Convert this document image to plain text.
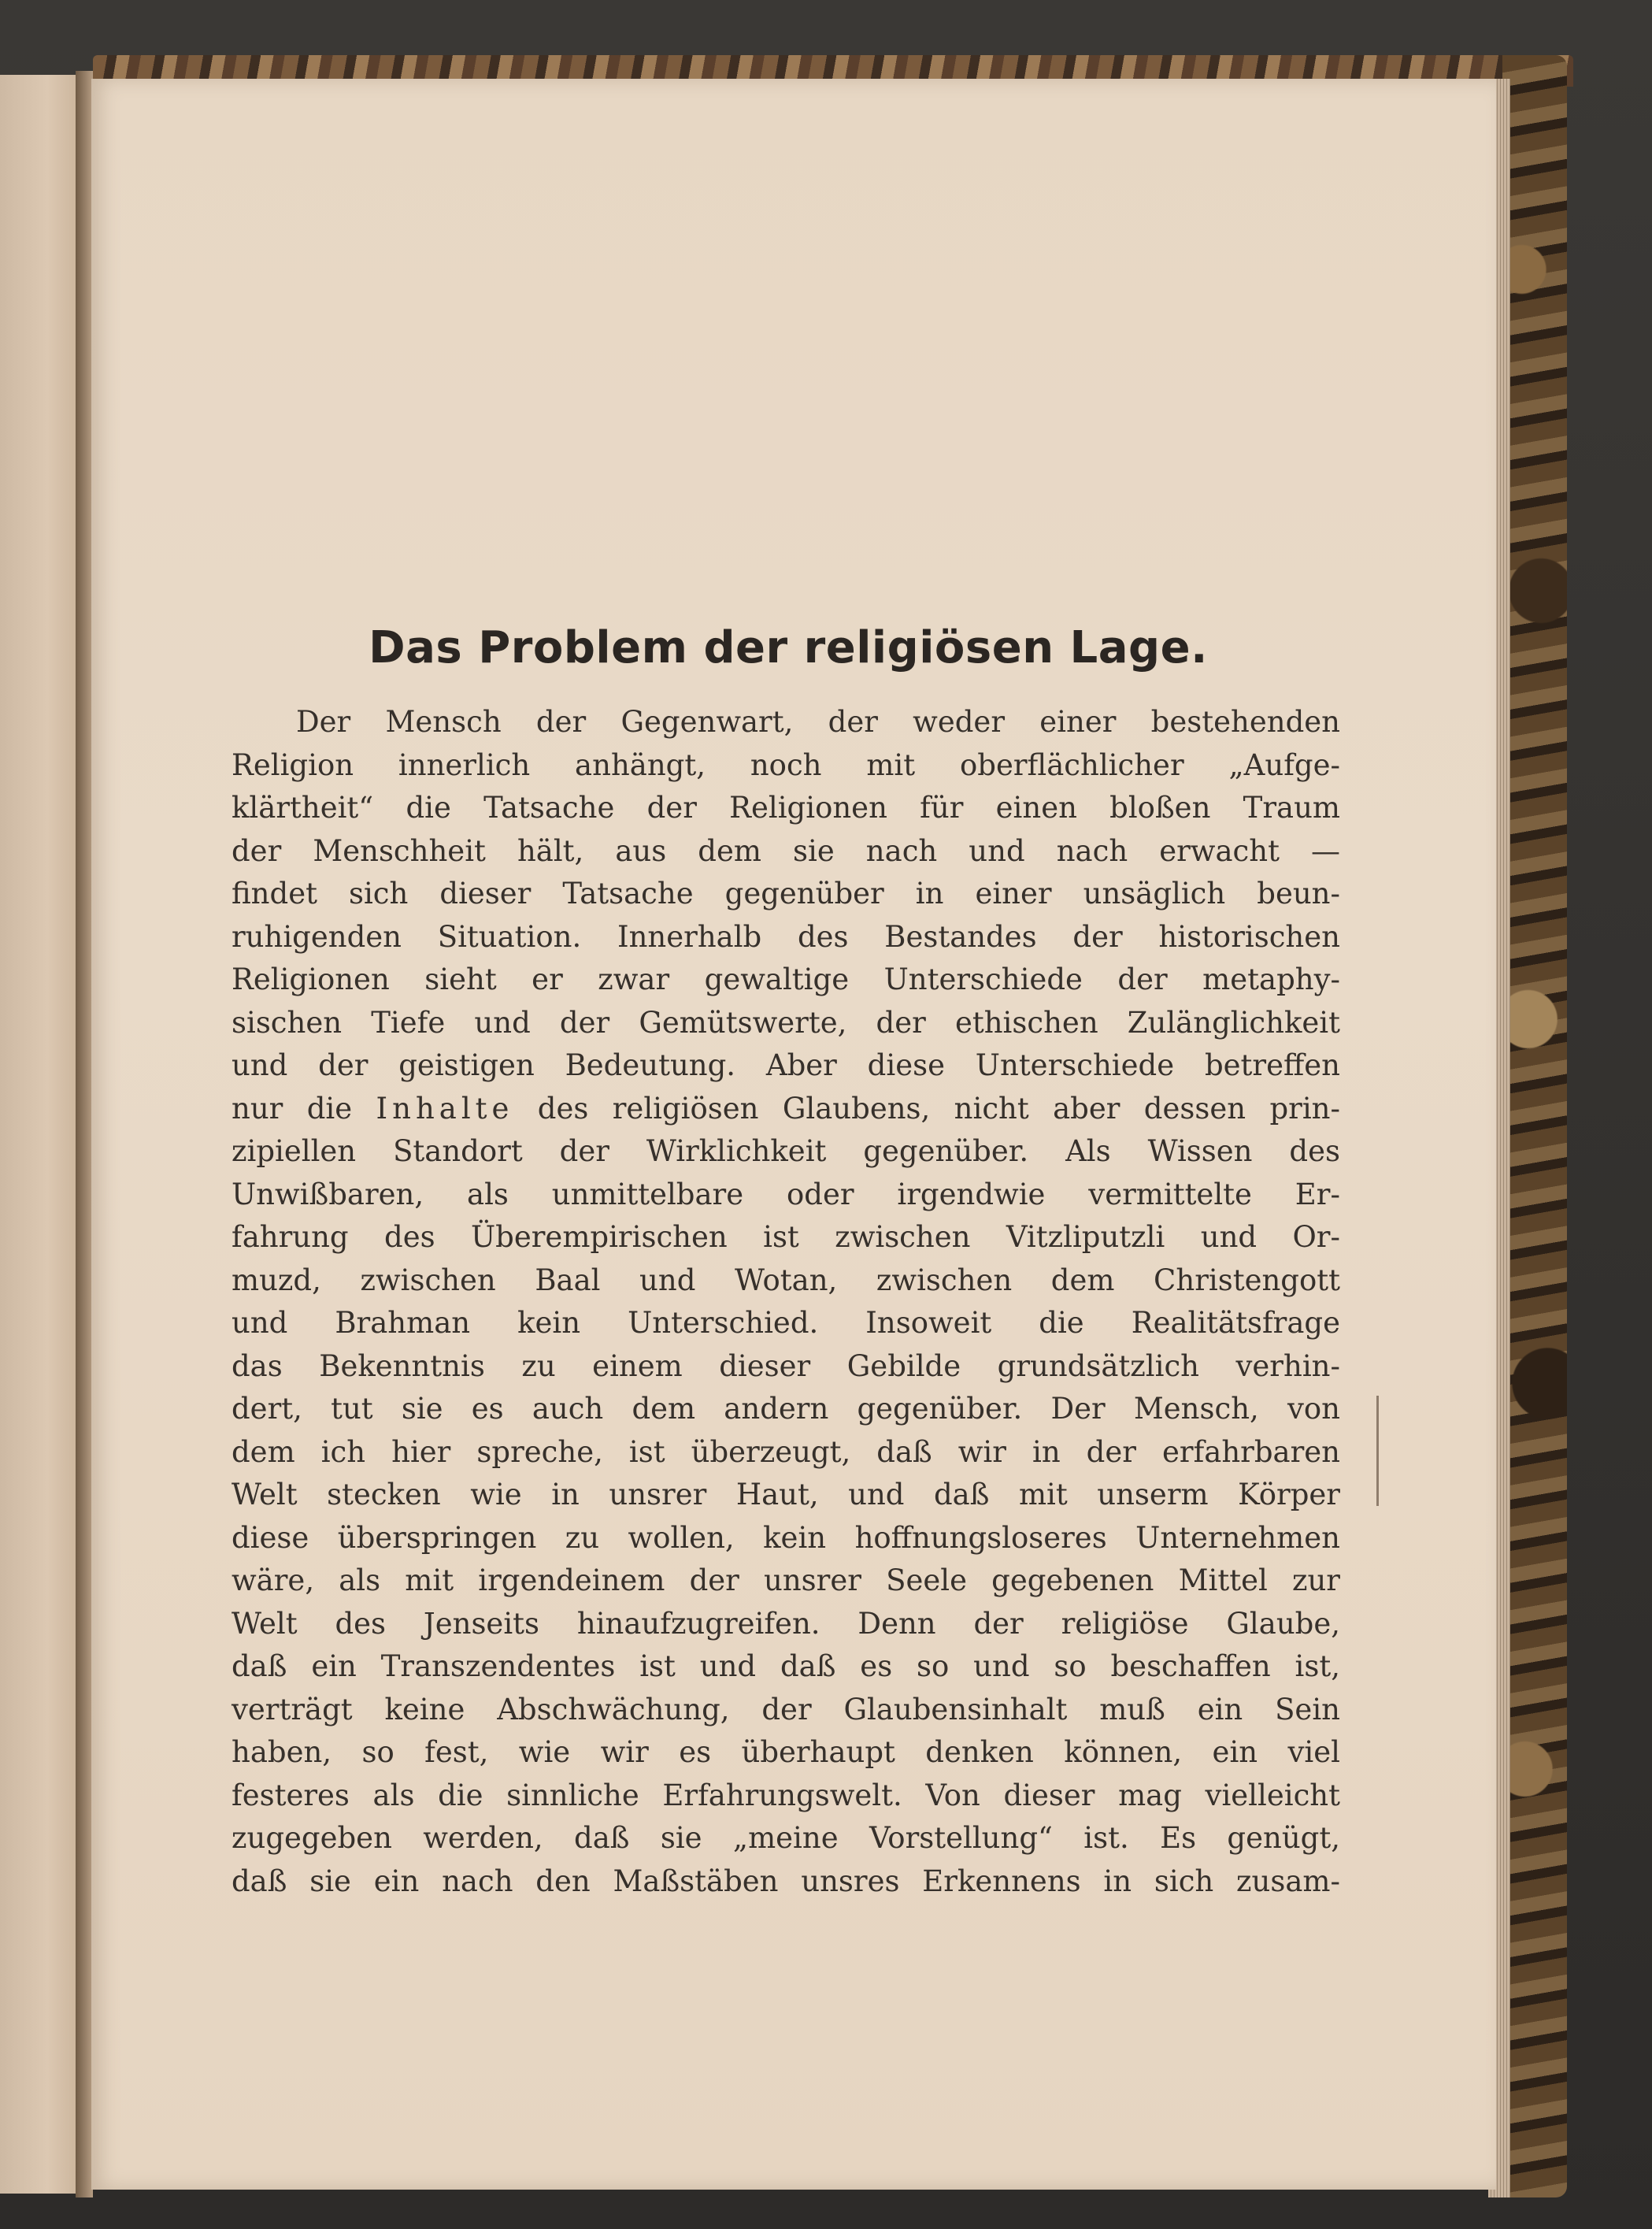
Das Problem der religiösen Lage.
Der Mensch der Gegenwart, der weder einer bestehenden
Religion innerlich anhängt, noch mit oberflächlicher „Aufge-
klärtheit“ die Tatsache der Religionen für einen bloßen Traum
der Menschheit hält, aus dem sie nach und nach erwacht —
findet sich dieser Tatsache gegenüber in einer unsäglich beun-
ruhigenden Situation. Innerhalb des Bestandes der historischen
Religionen sieht er zwar gewaltige Unterschiede der metaphy-
sischen Tiefe und der Gemütswerte, der ethischen Zulänglichkeit
und der geistigen Bedeutung. Aber diese Unterschiede betreffen
nur die Inhalte des religiösen Glaubens, nicht aber dessen prin-
zipiellen Standort der Wirklichkeit gegenüber. Als Wissen des
Unwißbaren, als unmittelbare oder irgendwie vermittelte Er-
fahrung des Überempirischen ist zwischen Vitzliputzli und Or-
muzd, zwischen Baal und Wotan, zwischen dem Christengott
und Brahman kein Unterschied. Insoweit die Realitätsfrage
das Bekenntnis zu einem dieser Gebilde grundsätzlich verhin-
dert, tut sie es auch dem andern gegenüber. Der Mensch, von
dem ich hier spreche, ist überzeugt, daß wir in der erfahrbaren
Welt stecken wie in unsrer Haut, und daß mit unserm Körper
diese überspringen zu wollen, kein hoffnungsloseres Unternehmen
wäre, als mit irgendeinem der unsrer Seele gegebenen Mittel zur
Welt des Jenseits hinaufzugreifen. Denn der religiöse Glaube,
daß ein Transzendentes ist und daß es so und so beschaffen ist,
verträgt keine Abschwächung, der Glaubensinhalt muß ein Sein
haben, so fest, wie wir es überhaupt denken können, ein viel
festeres als die sinnliche Erfahrungswelt. Von dieser mag vielleicht
zugegeben werden, daß sie „meine Vorstellung“ ist. Es genügt,
daß sie ein nach den Maßstäben unsres Erkennens in sich zusam-
